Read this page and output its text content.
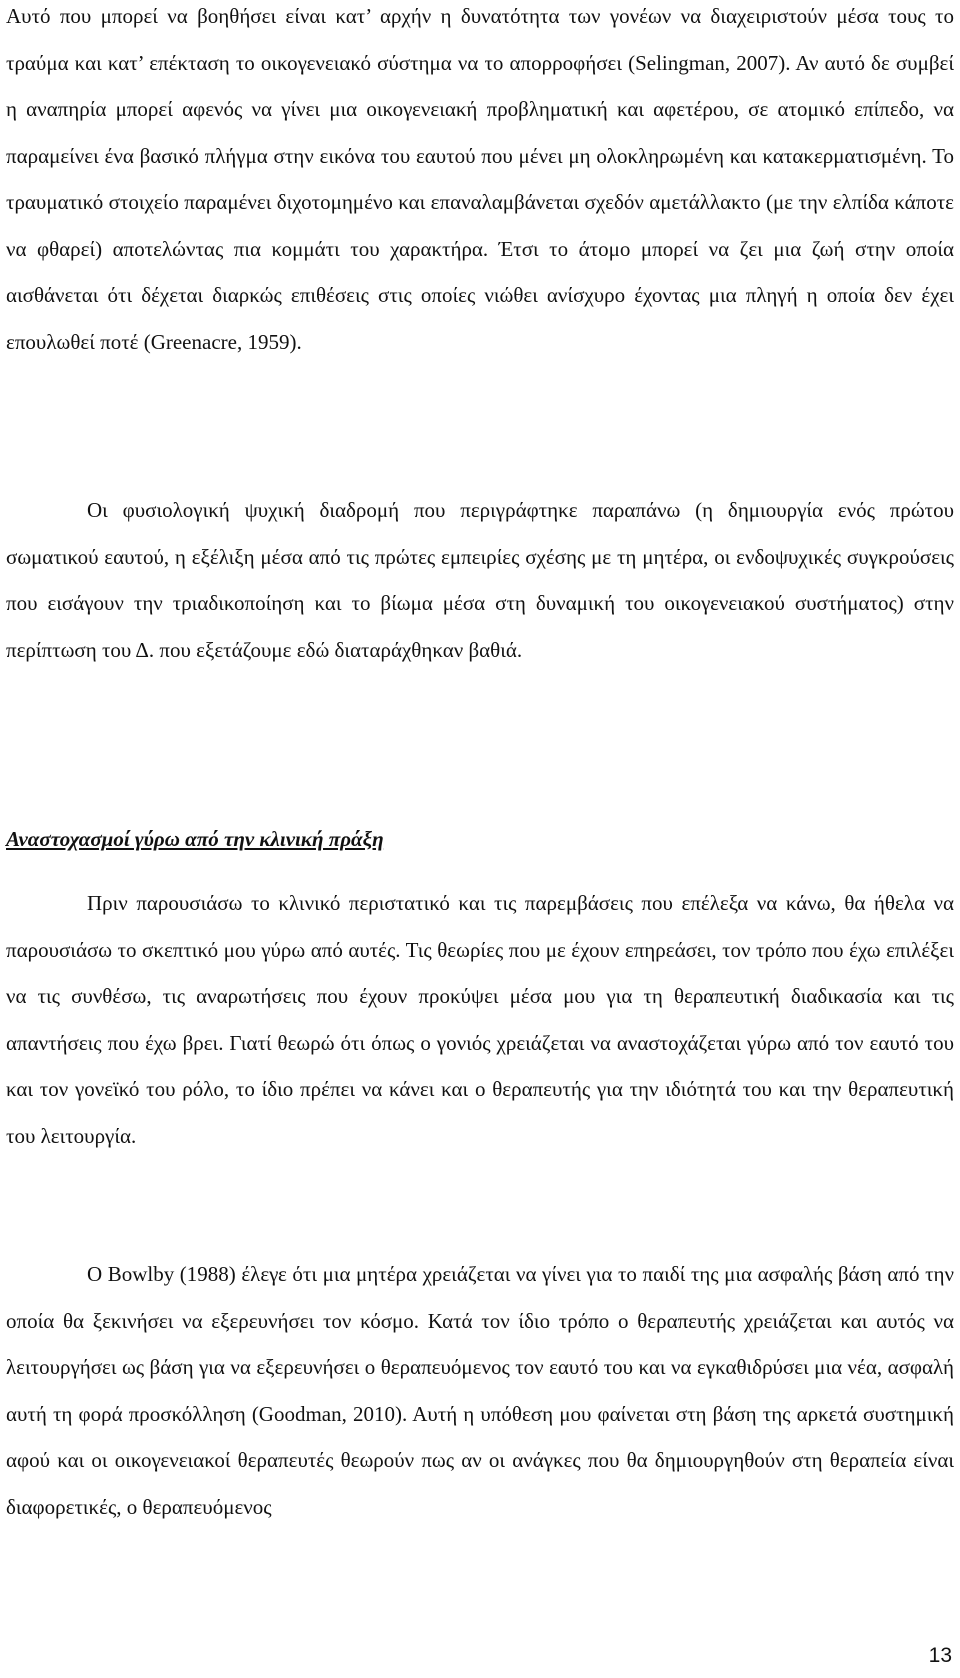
Αυτό που μπορεί να βοηθήσει είναι κατ’ αρχήν η δυνατότητα των γονέων να διαχειριστούν μέσα τους το τραύμα και κατ’ επέκταση το οικογενειακό σύστημα να το απορροφήσει (Selingman, 2007). Αν αυτό δε συμβεί η αναπηρία μπορεί αφενός να γίνει μια οικογενειακή προβληματική και αφετέρου, σε ατομικό επίπεδο, να παραμείνει ένα βασικό πλήγμα στην εικόνα του εαυτού που μένει μη ολοκληρωμένη και κατακερματισμένη. Το τραυματικό στοιχείο παραμένει διχοτομημένο και επαναλαμβάνεται σχεδόν αμετάλλακτο (με την ελπίδα κάποτε να φθαρεί) αποτελώντας πια κομμάτι του χαρακτήρα. Έτσι το άτομο μπορεί να ζει μια ζωή στην οποία αισθάνεται ότι δέχεται διαρκώς επιθέσεις στις οποίες νιώθει ανίσχυρο έχοντας μια πληγή η οποία δεν έχει επουλωθεί ποτέ (Greenacre, 1959).

Οι φυσιολογική ψυχική διαδρομή που περιγράφτηκε παραπάνω (η δημιουργία ενός πρώτου σωματικού εαυτού, η εξέλιξη μέσα από τις πρώτες εμπειρίες σχέσης με τη μητέρα, οι ενδοψυχικές συγκρούσεις που εισάγουν την τριαδικοποίηση και το βίωμα μέσα στη δυναμική του οικογενειακού συστήματος) στην περίπτωση του Δ. που εξετάζουμε εδώ διαταράχθηκαν βαθιά.

Αναστοχασμοί γύρω από την κλινική πράξη

Πριν παρουσιάσω το κλινικό περιστατικό και τις παρεμβάσεις που επέλεξα να κάνω, θα ήθελα να παρουσιάσω το σκεπτικό μου γύρω από αυτές. Τις θεωρίες που με έχουν επηρεάσει, τον τρόπο που έχω επιλέξει να τις συνθέσω, τις αναρωτήσεις που έχουν προκύψει μέσα μου για τη θεραπευτική διαδικασία και τις απαντήσεις που έχω βρει. Γιατί θεωρώ ότι όπως ο γονιός χρειάζεται να αναστοχάζεται γύρω από τον εαυτό του και τον γονεϊκό του ρόλο, το ίδιο πρέπει να κάνει και ο θεραπευτής για την ιδιότητά του και την θεραπευτική του λειτουργία.

Ο Bowlby (1988) έλεγε ότι μια μητέρα χρειάζεται να γίνει για το παιδί της μια ασφαλής βάση από την οποία θα ξεκινήσει να εξερευνήσει τον κόσμο. Κατά τον ίδιο τρόπο ο θεραπευτής χρειάζεται και αυτός να λειτουργήσει ως βάση για να εξερευνήσει ο θεραπευόμενος τον εαυτό του και να εγκαθιδρύσει μια νέα, ασφαλή αυτή τη φορά προσκόλληση (Goodman, 2010). Αυτή η υπόθεση μου φαίνεται στη βάση της αρκετά συστημική αφού και οι οικογενειακοί θεραπευτές θεωρούν πως αν οι ανάγκες που θα δημιουργηθούν στη θεραπεία είναι διαφορετικές, ο θεραπευόμενος

13
